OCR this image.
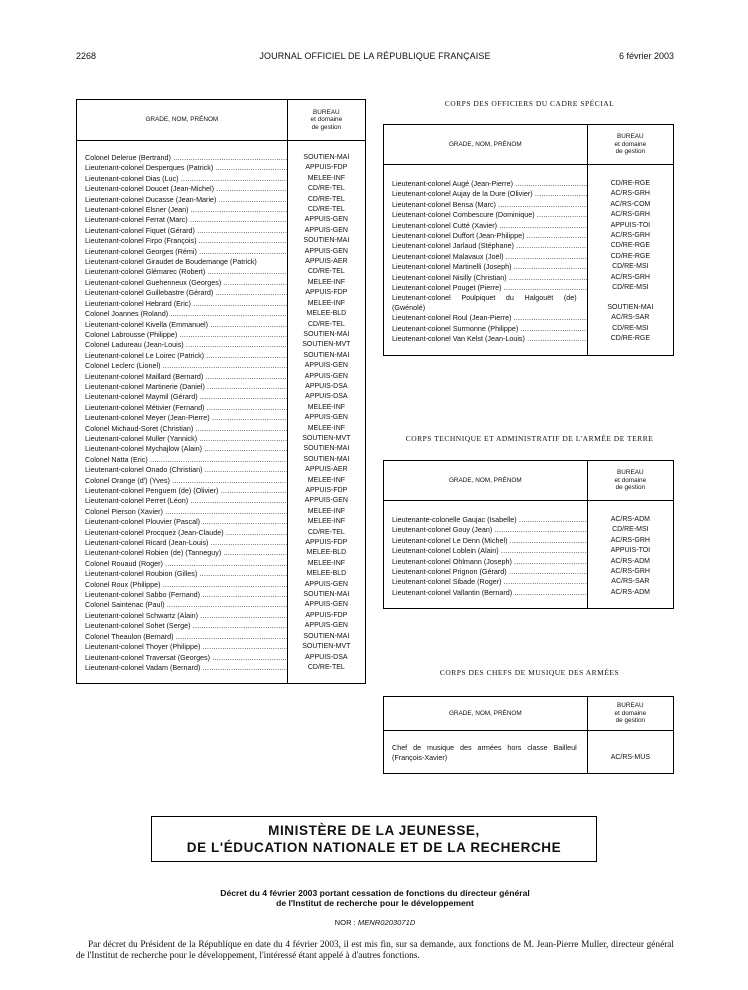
2268	JOURNAL OFFICIEL DE LA RÉPUBLIQUE FRANÇAISE	6 février 2003
GRADE, NOM, PRÉNOM	BUREAU
et domaine
de gestion

Colonel Delerue (Bertrand) .....	SOUTIEN-MAI
Lieutenant-colonel Desperques (Patrick) .....	APPUIS-FDP
Lieutenant-colonel Dias (Luc) .....	MELEE-INF
Lieutenant-colonel Doucet (Jean-Michel) .....	CD/RE-TEL
Lieutenant-colonel Ducasse (Jean-Marie) .....	CD/RE-TEL
Lieutenant-colonel Elsner (Jean) .....	CD/RE-TEL
Lieutenant-colonel Ferrat (Marc) .....	APPUIS-GEN
Lieutenant-colonel Fiquet (Gérard) .....	APPUIS-GEN
Lieutenant-colonel Firpo (François) .....	SOUTIEN-MAI
Lieutenant-colonel Georges (Rémi) .....	APPUIS-GEN
Lieutenant-colonel Giraudet de Boudemange (Patrick)	APPUIS-AER
Lieutenant-colonel Glémarec (Robert) .....	CD/RE-TEL
Lieutenant-colonel Guehenneux (Georges) .....	MELEE-INF
Lieutenant-colonel Guillebastre (Gérard) .....	APPUIS-FDP
Lieutenant-colonel Hebrard (Eric) .....	MELEE-INF
Colonel Joannes (Roland) .....	MELEE-BLD
Lieutenant-colonel Kivella (Emmanuel) .....	CD/RE-TEL
Colonel Labrousse (Philippe) .....	SOUTIEN-MAI
Colonel Ladureau (Jean-Louis) .....	SOUTIEN-MVT
Lieutenant-colonel Le Loirec (Patrick) .....	SOUTIEN-MAI
Colonel Leclerc (Lionel) .....	APPUIS-GEN
Lieutenant-colonel Maillard (Bernard) .....	APPUIS-GEN
Lieutenant-colonel Martinerie (Daniel) .....	APPUIS-DSA
Lieutenant-colonel Maymil (Gérard) .....	APPUIS-DSA
Lieutenant-colonel Métivier (Fernand) .....	MELEE-INF
Lieutenant-colonel Meyer (Jean-Pierre) .....	APPUIS-GEN
Colonel Michaud-Soret (Christian) .....	MELEE-INF
Lieutenant-colonel Muller (Yannick) .....	SOUTIEN-MVT
Lieutenant-colonel Mychajlow (Alain) .....	SOUTIEN-MAI
Colonel Natta (Eric) .....	SOUTIEN-MAI
Lieutenant-colonel Onado (Christian) .....	APPUIS-AER
Colonel Orange (d') (Yves) .....	MELEE-INF
Lieutenant-colonel Penguem (de) (Olivier) .....	APPUIS-FDP
Lieutenant-colonel Perret (Léon) .....	APPUIS-GEN
Colonel Pierson (Xavier) .....	MELEE-INF
Lieutenant-colonel Plouvier (Pascal) .....	MELEE-INF
Lieutenant-colonel Procquez (Jean-Claude) .....	CD/RE-TEL
Lieutenant-colonel Ricard (Jean-Louis) .....	APPUIS-FDP
Lieutenant-colonel Robien (de) (Tanneguy) .....	MELEE-BLD
Colonel Rouaud (Roger) .....	MELEE-INF
Lieutenant-colonel Roubion (Gilles) .....	MELEE-BLD
Colonel Roux (Philippe) .....	APPUIS-GEN
Lieutenant-colonel Sabbo (Fernand) .....	SOUTIEN-MAI
Colonel Saintenac (Paul) .....	APPUIS-GEN
Lieutenant-colonel Schwartz (Alain) .....	APPUIS-FDP
Lieutenant-colonel Sohet (Serge) .....	APPUIS-GEN
Colonel Theaulon (Bernard) .....	SOUTIEN-MAI
Lieutenant-colonel Thoyer (Philippe) .....	SOUTIEN-MVT
Lieutenant-colonel Traversat (Georges) .....	APPUIS-DSA
Lieutenant-colonel Vadam (Bernard) .....	CD/RE-TEL

CORPS DES OFFICIERS DU CADRE SPÉCIAL
GRADE, NOM, PRÉNOM	BUREAU
et domaine
de gestion

Lieutenant-colonel Augé (Jean-Pierre) .....	CD/RE-RGE
Lieutenant-colonel Aujay de la Dure (Olivier) .....	AC/RS-GRH
Lieutenant-colonel Bensa (Marc) .....	AC/RS-COM
Lieutenant-colonel Combescure (Dominique) .....	AC/RS-GRH
Lieutenant-colonel Cutté (Xavier) .....	APPUIS-TOI
Lieutenant-colonel Duffort (Jean-Philippe) .....	AC/RS-GRH
Lieutenant-colonel Jarlaud (Stéphane) .....	CD/RE-RGE
Lieutenant-colonel Malavaux (Joël) .....	CD/RE-RGE
Lieutenant-colonel Martinelli (Joseph) .....	CD/RE-MSI
Lieutenant-colonel Nisilly (Christian) .....	AC/RS-GRH
Lieutenant-colonel Pouget (Pierre) .....	CD/RE-MSI
Lieutenant-colonel Poulpiquet du Halgouët (de) (Gwénolé)	SOUTIEN-MAI
Lieutenant-colonel Roul (Jean-Pierre) .....	AC/RS-SAR
Lieutenant-colonel Surmonne (Philippe) .....	CD/RE-MSI
Lieutenant-colonel Van Kelst (Jean-Louis) .....	CD/RE-RGE

CORPS TECHNIQUE ET ADMINISTRATIF DE L'ARMÉE DE TERRE
GRADE, NOM, PRÉNOM	BUREAU
et domaine
de gestion

Lieutenante-colonelle Gaujac (Isabelle) .....	AC/RS-ADM
Lieutenant-colonel Gouy (Jean) .....	CD/RE-MSI
Lieutenant-colonel Le Denn (Michel) .....	AC/RS-GRH
Lieutenant-colonel Loblein (Alain) .....	APPUIS-TOI
Lieutenant-colonel Ohlmann (Joseph) .....	AC/RS-ADM
Lieutenant-colonel Prignon (Gérard) .....	AC/RS-GRH
Lieutenant-colonel Sibade (Roger) .....	AC/RS-SAR
Lieutenant-colonel Vallantin (Bernard) .....	AC/RS-ADM

CORPS DES CHEFS DE MUSIQUE DES ARMÉES
GRADE, NOM, PRÉNOM	BUREAU
et domaine
de gestion

Chef de musique des armées hors classe Bailleul (François-Xavier)	AC/RS-MUS

MINISTÈRE DE LA JEUNESSE,
DE L'ÉDUCATION NATIONALE ET DE LA RECHERCHE
Décret du 4 février 2003 portant cessation de fonctions du directeur général
de l'Institut de recherche pour le développement
NOR : MENR0203071D
Par décret du Président de la République en date du 4 février 2003, il est mis fin, sur sa demande, aux fonctions de M. Jean-Pierre Muller, directeur général de l'Institut de recherche pour le développement, l'intéressé étant appelé à d'autres fonctions.
